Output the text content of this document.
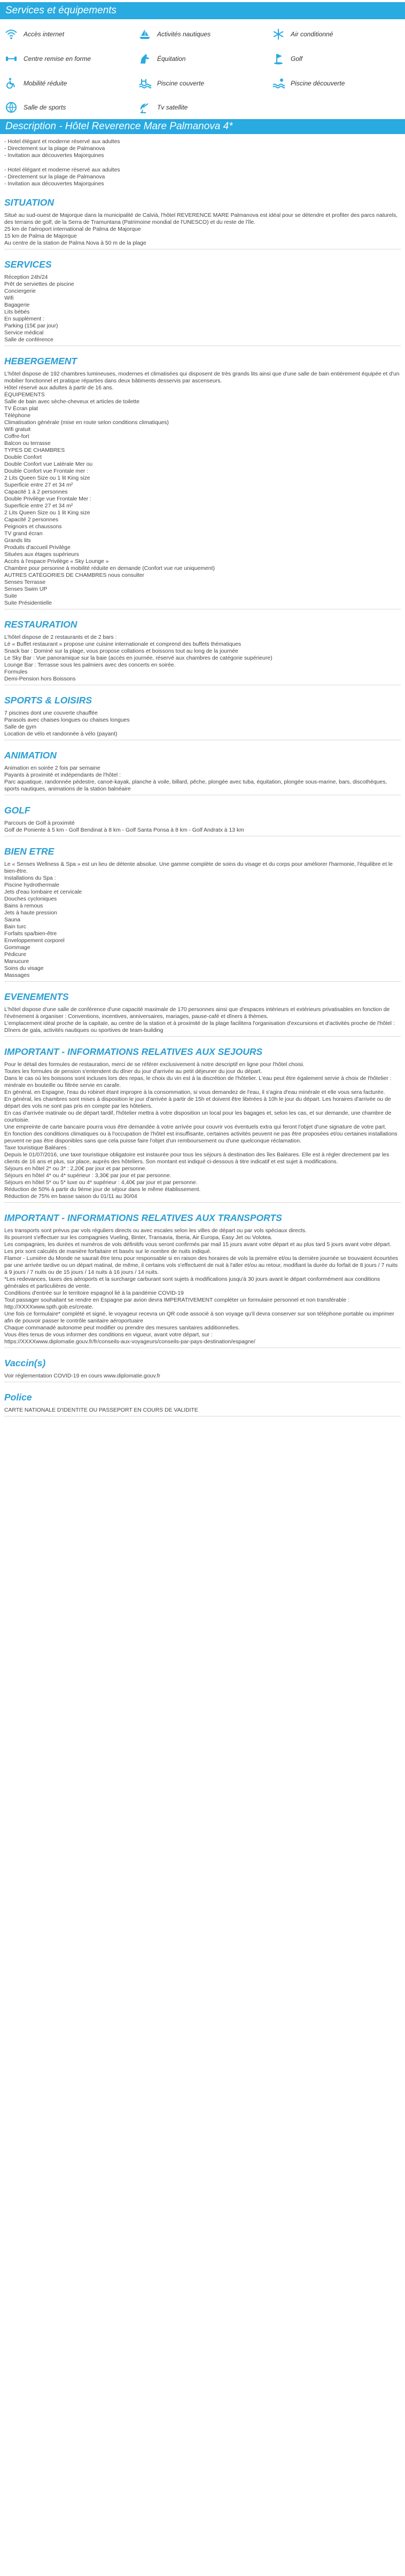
Services et équipements
Accès internet	Activités nautiques	Air conditionné
Centre remise en forme	Équitation	Golf
Mobilité réduite	Piscine couverte	Piscine découverte
Salle de sports	Tv satellite
Description - Hôtel Reverence Mare Palmanova 4*
- Hotel élégant et moderne réservé aux adultes
- Directement sur la plage de Palmanova
- Invitation aux découvertes Majorquines
- Hotel élégant et moderne réservé aux adultes
- Directement sur la plage de Palmanova
- Invitation aux découvertes Majorquines
SITUATION
Situé au sud-ouest de Majorque dans la municipalité de Calvià, l'hôtel REVERENCE MARE Palmanova est idéal pour se détendre et profiter des parcs naturels, des terrains de golf, de la Serra de Tramuntana (Patrimoine mondial de l'UNESCO) et du reste de l'île.
25 km de l'aéroport international de Palma de Majorque
15 km de Palma de Majorque
Au centre de la station de Palma Nova à 50 m de la plage
SERVICES
Réception 24h/24
Prêt de serviettes de piscine
Conciergerie
Wifi
Bagagerie
Lits bébés
En supplément :
Parking (15€ par jour)
Service médical
Salle de conférence
HEBERGEMENT
L'hôtel dispose de 192 chambres lumineuses, modernes et climatisées qui disposent de très grands lits ainsi que d'une salle de bain entièrement équipée et d'un mobilier fonctionnel et pratique réparties dans deux bâtiments desservis par ascenseurs.
Hôtel réservé aux adultes à partir de 16 ans.
ÉQUIPEMENTS
Salle de bain avec sèche-cheveux et articles de toilette
TV Écran plat
Téléphone
Climatisation générale (mise en route selon conditions climatiques)
Wifi gratuit
Coffre-fort
Balcon ou terrasse
TYPES DE CHAMBRES
Double Confort
Double Confort vue Latérale Mer ou
Double Confort vue Frontale mer :
2 Lits Queen Size ou 1 lit King size
Superficie entre 27 et 34 m²
Capacité 1 à 2 personnes
Double Privilège vue Frontale Mer :
Superficie entre 27 et 34 m²
2 Lits Queen Size ou 1 lit King size
Capacité 2 personnes
Peignoirs et chaussons
TV grand écran
Grands lits
Produits d'accueil Privilège
Situées aux étages supérieurs
Accès à l'espace Privilège « Sky Lounge »
Chambre pour personne à mobilité réduite en demande (Confort vue rue uniquement)
AUTRES CATÉGORIES DE CHAMBRES nous consulter
Senses Terrasse
Senses Swim UP
Suite
Suite Présidentielle
RESTAURATION
L'hôtel dispose de 2 restaurants et de 2 bars :
Lé « Buffet restaurant » propose une cuisine internationale et comprend des buffets thématiques
Snack bar : Dominé sur la plage, vous propose collations et boissons tout au long de la journée
Le Sky Bar : Vue panoramique sur la baie (accès en journée, réservé aux chambres de catégorie supérieure)
Lounge Bar : Terrasse sous les palmiers avec des concerts en soirée.
Formules
Demi-Pension hors Boissons
SPORTS & LOISIRS
7 piscines dont une couverte chauffée
Parasols avec chaises longues ou chaises longues
Salle de gym
Location de vélo et randonnée à vélo (payant)
ANIMATION
Animation en soirée 2 fois par semaine
Payants à proximité et indépendants de l'hôtel :
Parc aquatique, randonnée pédestre, canoë-kayak, planche à voile, billard, pêche, plongée avec tuba, équitation, plongée sous-marine, bars, discothèques, sports nautiques, animations de la station balnéaire
GOLF
Parcours de Golf à proximité
Golf de Poniente à 5 km - Golf Bendinat à 8 km - Golf Santa Ponsa à 8 km - Golf Andratx à 13 km
BIEN ETRE
Le « Senses Wellness & Spa » est un lieu de détente absolue. Une gamme complète de soins du visage et du corps pour améliorer l'harmonie, l'équilibre et le bien-être.
Installations du Spa :
Piscine hydrothermale
Jets d'eau lombaire et cervicale
Douches cycloniques
Bains à remous
Jets à haute pression
Sauna
Bain turc
Forfaits spa/bien-être
Enveloppement corporel
Gommage
Pédicure
Manucure
Soins du visage
Massages
EVENEMENTS
L'hôtel dispose d'une salle de conférence d'une capacité maximale de 170 personnes ainsi que d'espaces intérieurs et extérieurs privatisables en fonction de l'événement à organiser : Conventions, incentives, anniversaires, mariages, pause-café et dîners à thèmes.
L'emplacement idéal proche de la capitale, au centre de la station et à proximité de la plage facilitera l'organisation d'excursions et d'activités proche de l'hôtel : Dîners de gala, activités nautiques ou sportives de team-building
IMPORTANT - INFORMATIONS RELATIVES AUX SEJOURS
Pour le détail des formules de restauration, merci de se référer exclusivement à notre descriptif en ligne pour l'hôtel choisi.
Toutes les formules de pension s'entendent du dîner du jour d'arrivée au petit déjeuner du jour du départ.
Dans le cas où les boissons sont incluses lors des repas, le choix du vin est à la discrétion de l'hôtelier. L'eau peut être également servie à choix de l'hôtelier : minérale en bouteille ou filtrée servie en carafe.
En général, en Espagne, l'eau du robinet étant impropre à la consommation, si vous demandez de l'eau, il s'agira d'eau minérale et elle vous sera facturée.
En général, les chambres sont mises à disposition le jour d'arrivée à partir de 15h et doivent être libérées à 10h le jour du départ. Les horaires d'arrivée ou de départ des vols ne sont pas pris en compte par les hôteliers.
En cas d'arrivée matinale ou de départ tardif, l'hôtelier mettra à votre disposition un local pour les bagages et, selon les cas, et sur demande, une chambre de courtoisie.
Une empreinte de carte bancaire pourra vous être demandée à votre arrivée pour couvrir vos éventuels extra qui feront l'objet d'une signature de votre part.
En fonction des conditions climatiques ou à l'occupation de l'hôtel est insuffisante, certaines activités peuvent ne pas être proposées et/ou certaines installations peuvent ne pas être disponibles sans que cela puisse faire l'objet d'un remboursement ou d'une quelconque réclamation.
Taxe touristique Baléares :
Depuis le 01/07/2016, une taxe touristique obligatoire est instaurée pour tous les séjours à destination des îles Baléares. Elle est à régler directement par les clients de 16 ans et plus, sur place, auprès des hôteliers. Son montant est indiqué ci-dessous à titre indicatif et est sujet à modifications.
Séjours en hôtel 2* ou 3* : 2,20€ par jour et par personne.
Séjours en hôtel 4* ou 4* supérieur : 3,30€ par jour et par personne.
Séjours en hôtel 5* ou 5* luxe ou 4* supérieur : 4,40€ par jour et par personne.
Réduction de 50% à partir du 9ème jour de séjour dans le même établissement.
Réduction de 75% en basse saison du 01/11 au 30/04
IMPORTANT - INFORMATIONS RELATIVES AUX TRANSPORTS
Les transports sont prévus par vols réguliers directs ou avec escales selon les villes de départ ou par vols spéciaux directs.
Ils pourront s'effectuer sur les compagnies Vueling, Binter, Transavia, Iberia, Air Europa, Easy Jet ou Volotea.
Les compagnies, les durées et numéros de vols définitifs vous seront confirmés par mail 15 jours avant votre départ et au plus tard 5 jours avant votre départ.
Les prix sont calculés de manière forfaitaire et basés sur le nombre de nuits indiqué.
Flamor - Lumière du Monde ne saurait être tenu pour responsable si en raison des horaires de vols la première et/ou la dernière journée se trouvaient écourtées par une arrivée tardive ou un départ matinal, de même, il certains vols s'effectuent de nuit à l'aller et/ou au retour, modifiant la durée du forfait de 8 jours / 7 nuits à 9 jours / 7 nuits ou de 15 jours / 14 nuits à 16 jours / 14 nuits.
*Les redevances, taxes des aéroports et la surcharge carburant sont sujets à modifications jusqu'à 30 jours avant le départ conformément aux conditions générales et particulières de vente.
Conditions d'entrée sur le territoire espagnol lié à la pandémie COVID-19
Tout passager souhaitant se rendre en Espagne par avion devra IMPERATIVEMENT compléter un formulaire personnel et non transférable : http://XXXXwww.spth.gob.es/create.
Une fois ce formulaire* complété et signé, le voyageur recevra un QR code associé à son voyage qu'il devra conserver sur son téléphone portable ou imprimer afin de pouvoir passer le contrôle sanitaire aéroportuaire
Chaque commanadé autonome peut modifier ou prendre des mesures sanitaires additionnelles.
Vous êtes tenus de vous informer des conditions en vigueur, avant votre départ, sur :
https://XXXXwww.diplomatie.gouv.fr/fr/conseils-aux-voyageurs/conseils-par-pays-destination/espagne/
Vaccin(s)
Voir réglementation COVID-19 en cours www.diplomatie.gouv.fr
Police
CARTE NATIONALE D'IDENTITE OU PASSEPORT EN COURS DE VALIDITE
